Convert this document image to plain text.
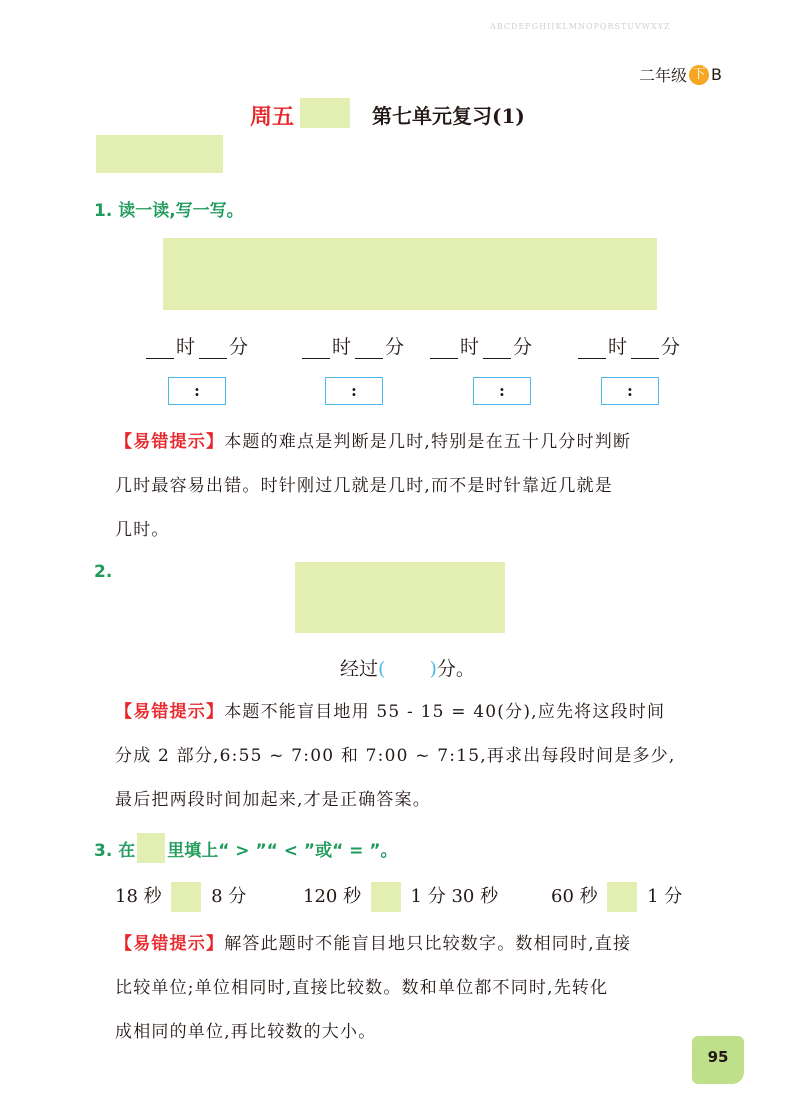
ABCDEFGHIJKLMNOPQRSTUVWXYZ
二年级 下 B
周五	第七单元复习(1)
1. 读一读,写一写。
时 分	时 分	时 分	时 分
:	:	:	:
【易错提示】本题的难点是判断是几时,特别是在五十几分时判断
几时最容易出错。时针刚过几就是几时,而不是时针靠近几就是
几时。
2.
经过( )分。
【易错提示】本题不能盲目地用 55 - 15 = 40(分),应先将这段时间
分成 2 部分,6:55 ~ 7:00 和 7:00 ~ 7:15,再求出每段时间是多少,
最后把两段时间加起来,才是正确答案。
3. 在 里填上“ > ”“ < ”或“ = ”。
18 秒	8 分	120 秒	1 分 30 秒	60 秒	1 分
【易错提示】解答此题时不能盲目地只比较数字。数相同时,直接
比较单位;单位相同时,直接比较数。数和单位都不同时,先转化
成相同的单位,再比较数的大小。
95
